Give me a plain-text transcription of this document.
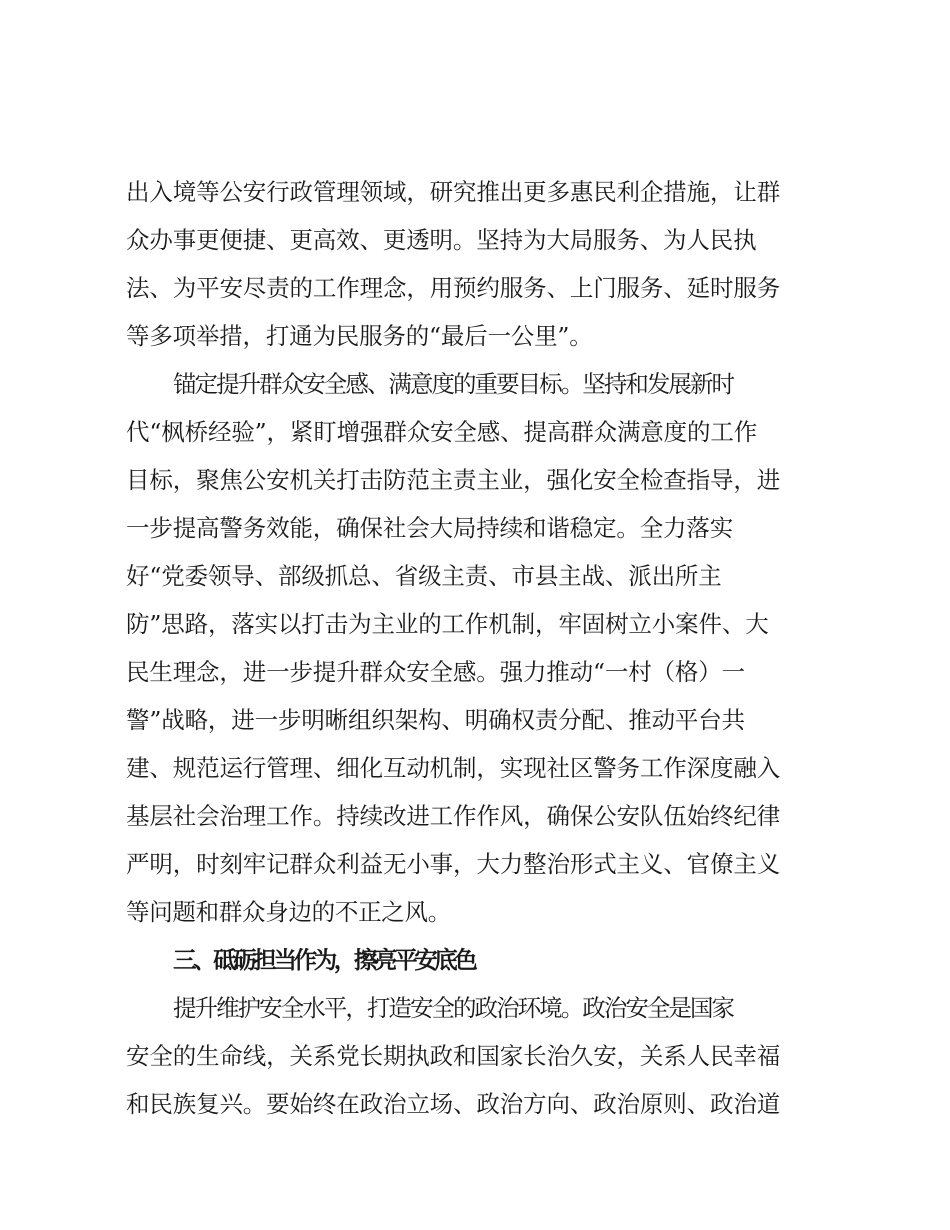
出入境等公安行政管理领域，研究推出更多惠民利企措施，让群
众办事更便捷、更高效、更透明。坚持为大局服务、为人民执
法、为平安尽责的工作理念，用预约服务、上门服务、延时服务
等多项举措，打通为民服务的“最后一公里”。
锚定提升群众安全感、满意度的重要目标。坚持和发展新时
代“枫桥经验”，紧盯增强群众安全感、提高群众满意度的工作
目标，聚焦公安机关打击防范主责主业，强化安全检查指导，进
一步提高警务效能，确保社会大局持续和谐稳定。全力落实
好“党委领导、部级抓总、省级主责、市县主战、派出所主
防”思路，落实以打击为主业的工作机制，牢固树立小案件、大
民生理念，进一步提升群众安全感。强力推动“一村（格）一
警”战略，进一步明晰组织架构、明确权责分配、推动平台共
建、规范运行管理、细化互动机制，实现社区警务工作深度融入
基层社会治理工作。持续改进工作作风，确保公安队伍始终纪律
严明，时刻牢记群众利益无小事，大力整治形式主义、官僚主义
等问题和群众身边的不正之风。
三、砥砺担当作为，擦亮平安底色
提升维护安全水平，打造安全的政治环境。政治安全是国家
安全的生命线，关系党长期执政和国家长治久安，关系人民幸福
和民族复兴。要始终在政治立场、政治方向、政治原则、政治道
